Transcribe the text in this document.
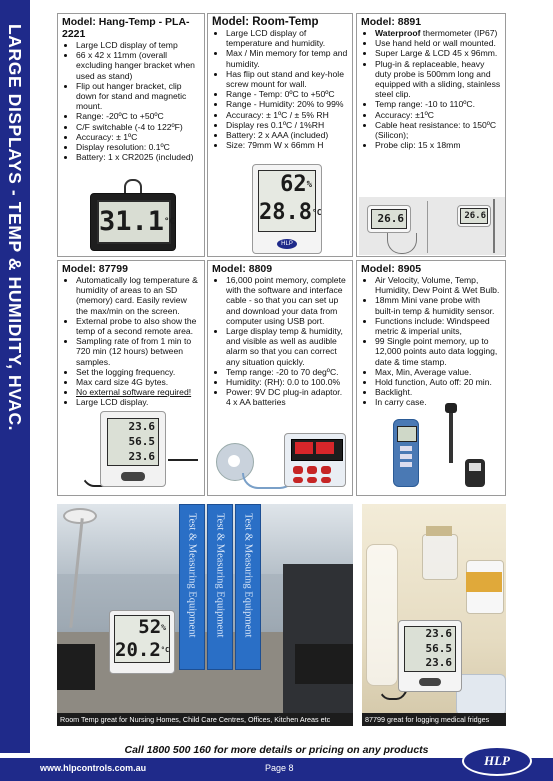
LARGE DISPLAYS - TEMP & HUMIDITY, HVAC.
Model: Hang-Temp - PLA-2221
• Large LCD display of temp
• 66 x 42 x 11mm (overall excluding hanger bracket when used as stand)
• Flip out hanger bracket, clip down for stand and magnetic mount.
• Range: -20ºC to +50ºC
• C/F switchable (-4 to 122ºF)
• Accuracy: ± 1ºC
• Display resolution: 0.1ºC
• Battery: 1 x CR2025 (included)
$31.1^{^\circ C}$
Model: Room-Temp
• Large LCD display of temperature and humidity.
• Max / Min memory for temp and humidity.
• Has flip out stand and key-hole screw mount for wall.
• Range - Temp: 0ºC to +50ºC
• Range - Humidity: 20% to 99%
• Accuracy: ± 1ºC / ± 5% RH
• Display res 0.1ºC / 1%RH
• Battery: 2 x AAA (included)
• Size: 79mm W x 66mm H
62%
$28.8^{^\circ C}$
HLP
Model: 8891
• Waterproof thermometer (IP67)
• Use hand held or wall mounted.
• Super Large & LCD 45 x 96mm.
• Plug-in & replaceable, heavy duty probe is 500mm long and equipped with a sliding, stainless steel clip.
• Temp range: -10 to 110ºC.
• Accuracy: ±1ºC
• Cable heat resistance: to 150ºC (Silicon);
• Probe clip: 15 x 18mm
26.6	26.6
Model: 87799
• Automatically log temperature & humidity of areas to an SD (memory) card. Easily review the max/min on the screen.
• External probe to also show the temp of a second remote area.
• Sampling rate of from 1 min to 720 min (12 hours) between samples.
• Set the logging frequency.
• Max card size 4G bytes.
• No external software required!
• Large LCD display.
23.6
56.5
23.6
Model: 8809
• 16,000 point memory, complete with the software and interface cable - so that you can set up and download your data from computer using USB port.
• Large display temp & humidity, and visible as well as audible alarm so that you can correct any situation quickly.
• Temp range: -20 to 70 degºC.
• Humidity: (RH): 0.0 to 100.0%
• Power: 9V DC plug-in adaptor. 4 x AA batteries
Model: 8905
• Air Velocity, Volume, Temp, Humidity, Dew Point & Wet Bulb.
• 18mm Mini vane probe with built-in temp & humidity sensor.
• Functions include: Windspeed metric & imperial units,
• 99 Single point memory, up to 12,000 points auto data logging, date & time stamp.
• Max, Min, Average value.
• Hold function, Auto off: 20 min.
• Backlight.
• In carry case.
Test & Measuring Equipment Test & Measuring Equipment Test & Measuring Equipment
52%
$20.2^{^\circ C}$
Room Temp great for Nursing Homes, Child Care Centres, Offices, Kitchen Areas etc
23.6
56.5
23.6
87799 great for logging medical fridges
Call 1800 500 160 for more details or pricing on any products
www.hlpcontrols.com.au	Page 8	HLP
